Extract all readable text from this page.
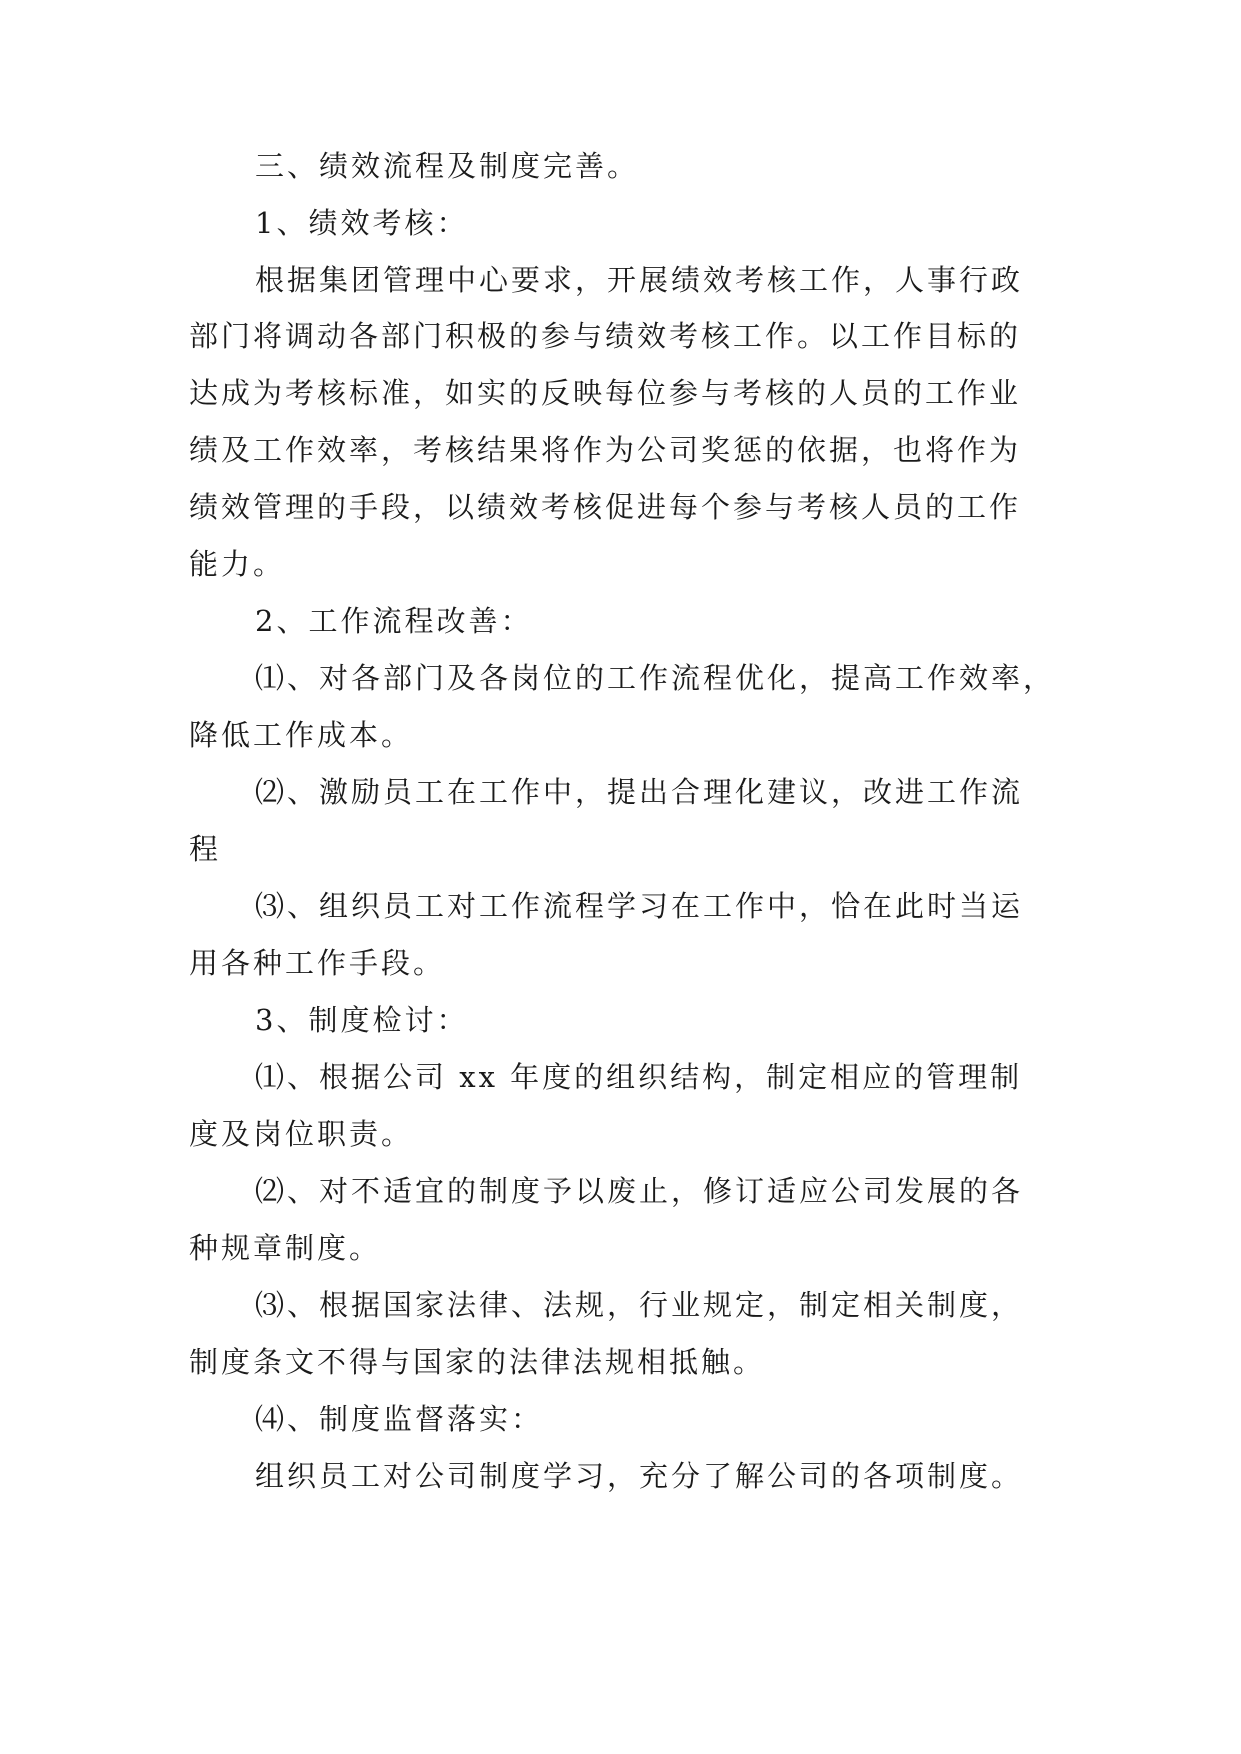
三、绩效流程及制度完善。
1、绩效考核：
根据集团管理中心要求，开展绩效考核工作，人事行政
部门将调动各部门积极的参与绩效考核工作。以工作目标的
达成为考核标准，如实的反映每位参与考核的人员的工作业
绩及工作效率，考核结果将作为公司奖惩的依据，也将作为
绩效管理的手段，以绩效考核促进每个参与考核人员的工作
能力。
2、工作流程改善：
⑴、对各部门及各岗位的工作流程优化，提高工作效率，
降低工作成本。
⑵、激励员工在工作中，提出合理化建议，改进工作流
程
⑶、组织员工对工作流程学习在工作中，恰在此时当运
用各种工作手段。
3、制度检讨：
⑴、根据公司 xx 年度的组织结构，制定相应的管理制
度及岗位职责。
⑵、对不适宜的制度予以废止，修订适应公司发展的各
种规章制度。
⑶、根据国家法律、法规，行业规定，制定相关制度，
制度条文不得与国家的法律法规相抵触。
⑷、制度监督落实：
组织员工对公司制度学习，充分了解公司的各项制度。
